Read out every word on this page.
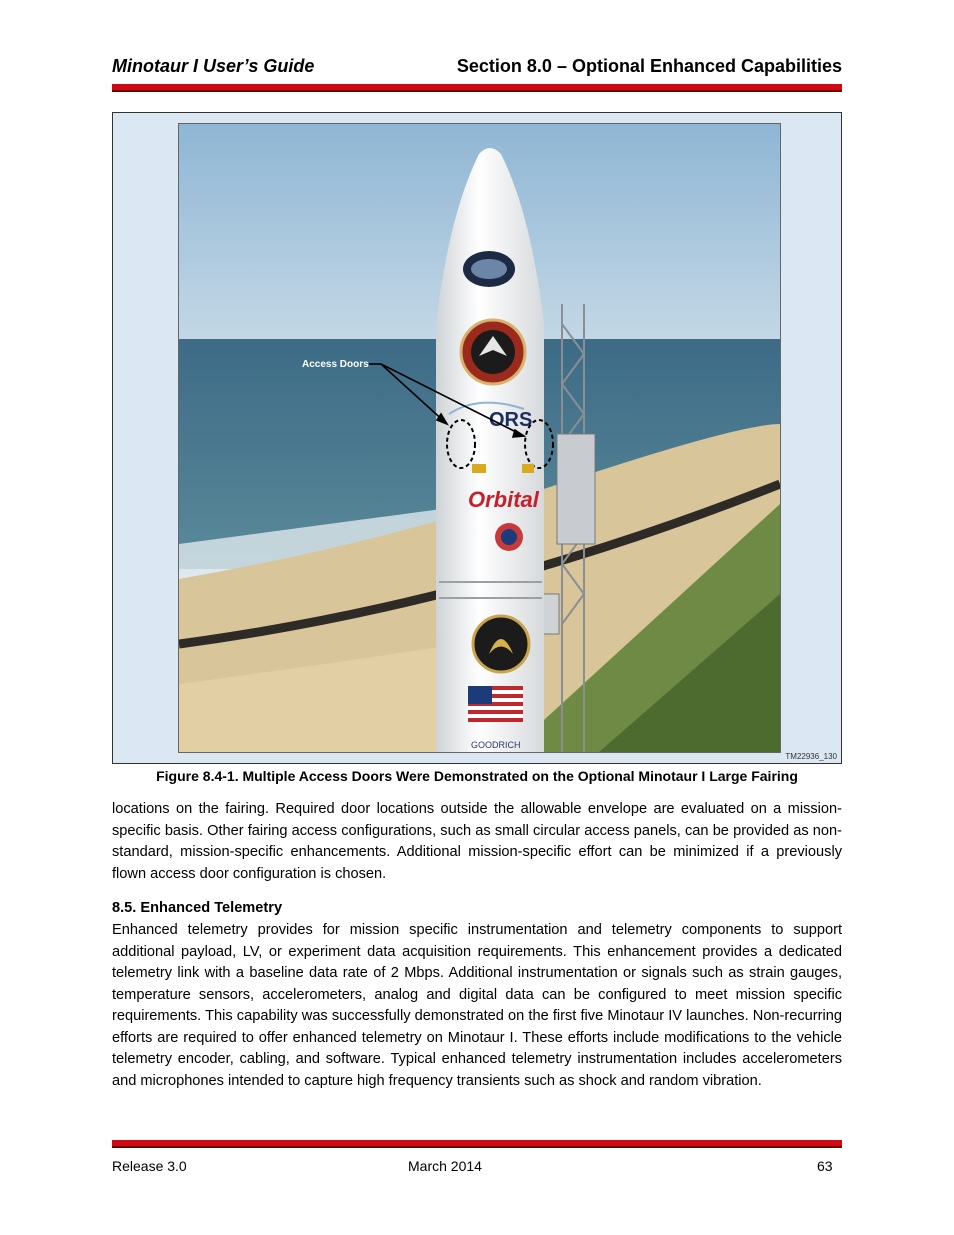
Minotaur I User’s Guide	Section 8.0 – Optional Enhanced Capabilities
ORS
Orbital
GOODRICH
Access Doors
TM22936_130
Figure 8.4-1. Multiple Access Doors Were Demonstrated on the Optional Minotaur I Large Fairing

locations on the fairing. Required door locations outside the allowable envelope are evaluated on a mission-specific basis. Other fairing access configurations, such as small circular access panels, can be provided as non-standard, mission-specific enhancements. Additional mission-specific effort can be minimized if a previously flown access door configuration is chosen.

8.5. Enhanced Telemetry

Enhanced telemetry provides for mission specific instrumentation and telemetry components to support additional payload, LV, or experiment data acquisition requirements. This enhancement provides a dedicated telemetry link with a baseline data rate of 2 Mbps. Additional instrumentation or signals such as strain gauges, temperature sensors, accelerometers, analog and digital data can be configured to meet mission specific requirements. This capability was successfully demonstrated on the first five Minotaur IV launches. Non-recurring efforts are required to offer enhanced telemetry on Minotaur I. These efforts include modifications to the vehicle telemetry encoder, cabling, and software. Typical enhanced telemetry instrumentation includes accelerometers and microphones intended to capture high frequency transients such as shock and random vibration.

Release 3.0	March 2014	63
